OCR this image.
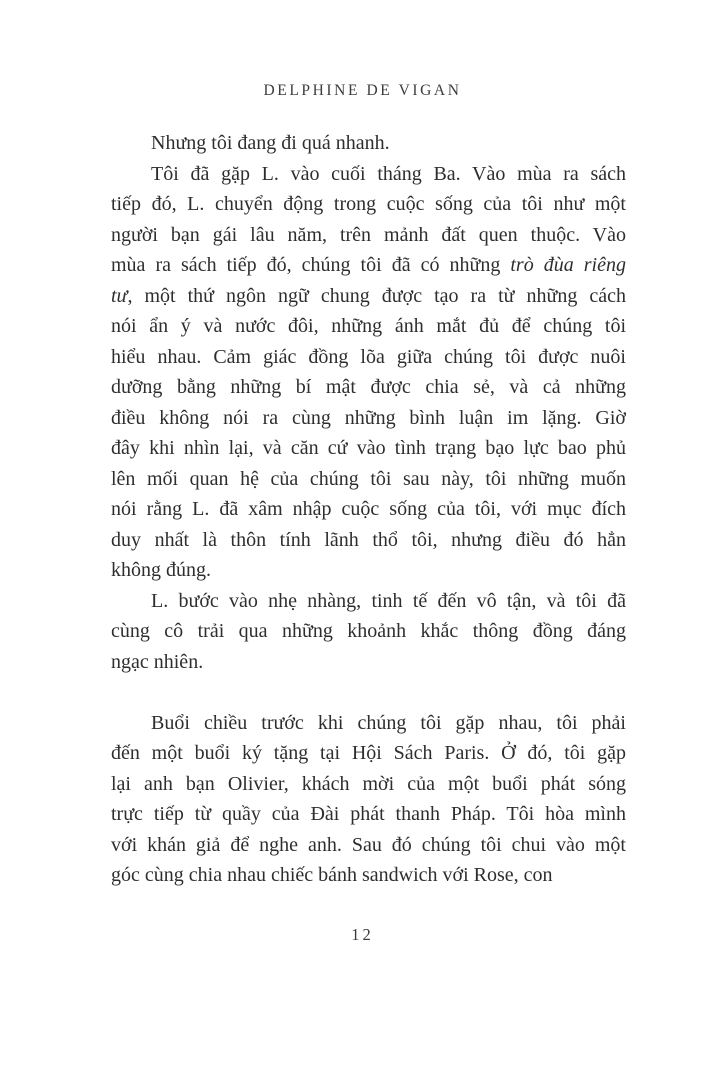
DELPHINE DE VIGAN
Nhưng tôi đang đi quá nhanh.
Tôi đã gặp L. vào cuối tháng Ba. Vào mùa ra sách
tiếp đó, L. chuyển động trong cuộc sống của tôi như một
người bạn gái lâu năm, trên mảnh đất quen thuộc. Vào
mùa ra sách tiếp đó, chúng tôi đã có những trò đùa riêng
tư, một thứ ngôn ngữ chung được tạo ra từ những cách
nói ẩn ý và nước đôi, những ánh mắt đủ để chúng tôi
hiểu nhau. Cảm giác đồng lõa giữa chúng tôi được nuôi
dưỡng bằng những bí mật được chia sẻ, và cả những
điều không nói ra cùng những bình luận im lặng. Giờ
đây khi nhìn lại, và căn cứ vào tình trạng bạo lực bao phủ
lên mối quan hệ của chúng tôi sau này, tôi những muốn
nói rằng L. đã xâm nhập cuộc sống của tôi, với mục đích
duy nhất là thôn tính lãnh thổ tôi, nhưng điều đó hẳn
không đúng.
L. bước vào nhẹ nhàng, tinh tế đến vô tận, và tôi đã
cùng cô trải qua những khoảnh khắc thông đồng đáng
ngạc nhiên.
Buổi chiều trước khi chúng tôi gặp nhau, tôi phải
đến một buổi ký tặng tại Hội Sách Paris. Ở đó, tôi gặp
lại anh bạn Olivier, khách mời của một buổi phát sóng
trực tiếp từ quầy của Đài phát thanh Pháp. Tôi hòa mình
với khán giả để nghe anh. Sau đó chúng tôi chui vào một
góc cùng chia nhau chiếc bánh sandwich với Rose, con
12
